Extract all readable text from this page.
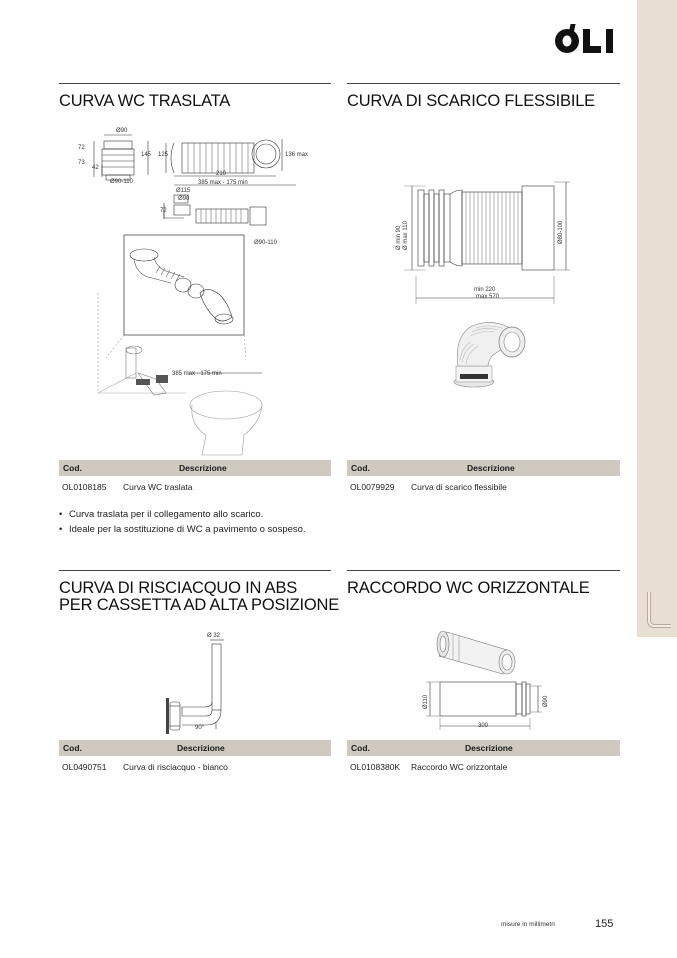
CURVA WC TRASLATA
Ø90
72
73
42
145 125	136 max
210
Ø90-110	385 max - 175 min
Ø115
Ø90
72
Ø90-110
385 max - 175 min
Cod.	Descrizione
OL0108185 Curva WC traslata
• Curva traslata per il collegamento allo scarico.
• Ideale per la sostituzione di WC a pavimento o sospeso.
CURVA DI SCARICO FLESSIBILE
Ø min 90 Ø max 110	Ø80-100
min 220
max 570
Cod.	Descrizione
OL0079929 Curva di scarico flessibile
CURVA DI RISCIACQUO IN ABS
PER CASSETTA AD ALTA POSIZIONE
Ø 32
90°
Cod.	Descrizione
OL0490751 Curva di risciacquo - bianco
RACCORDO WC ORIZZONTALE
Ø110	Ø90
300
Cod.	Descrizione
OL0108380K Raccordo WC orizzontale
misure in millimetri	155
